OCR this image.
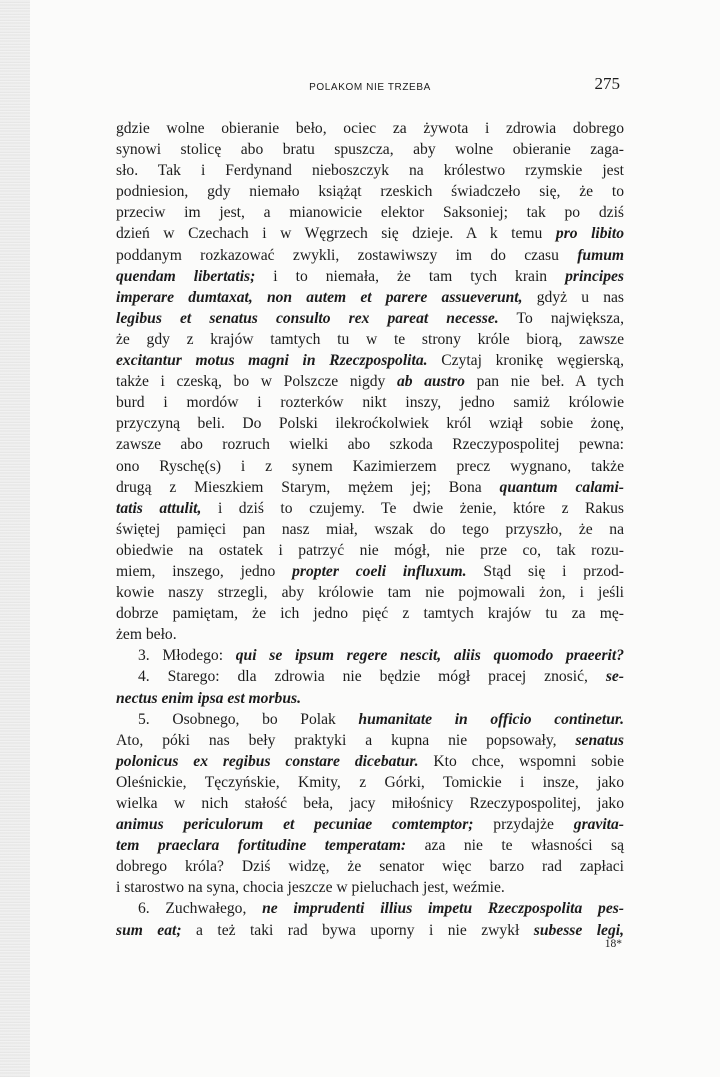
POLAKOM NIE TRZEBA	275
gdzie wolne obieranie beło, ociec za żywota i zdrowia dobrego
synowi stolicę abo bratu spuszcza, aby wolne obieranie zaga-
sło. Tak i Ferdynand nieboszczyk na królestwo rzymskie jest
podniesion, gdy niemało książąt rzeskich świadczeło się, że to
przeciw im jest, a mianowicie elektor Saksoniej; tak po dziś
dzień w Czechach i w Węgrzech się dzieje. A k temu pro libito
poddanym rozkazować zwykli, zostawiwszy im do czasu fumum
quendam libertatis; i to niemała, że tam tych krain principes
imperare dumtaxat, non autem et parere assueverunt, gdyż u nas
legibus et senatus consulto rex pareat necesse. To największa,
że gdy z krajów tamtych tu w te strony króle biorą, zawsze
excitantur motus magni in Rzeczpospolita. Czytaj kronikę węgierską,
także i czeską, bo w Polszcze nigdy ab austro pan nie beł. A tych
burd i mordów i rozterków nikt inszy, jedno samiż królowie
przyczyną beli. Do Polski ilekroćkolwiek król wziął sobie żonę,
zawsze abo rozruch wielki abo szkoda Rzeczypospolitej pewna:
ono Ryschę(s) i z synem Kazimierzem precz wygnano, także
drugą z Mieszkiem Starym, mężem jej; Bona quantum calami-
tatis attulit, i dziś to czujemy. Te dwie żenie, które z Rakus
świętej pamięci pan nasz miał, wszak do tego przyszło, że na
obiedwie na ostatek i patrzyć nie mógł, nie prze co, tak rozu-
miem, inszego, jedno propter coeli influxum. Stąd się i przod-
kowie naszy strzegli, aby królowie tam nie pojmowali żon, i jeśli
dobrze pamiętam, że ich jedno pięć z tamtych krajów tu za mę-
żem beło.
3. Młodego: qui se ipsum regere nescit, aliis quomodo praeerit?
4. Starego: dla zdrowia nie będzie mógł pracej znosić, se-
nectus enim ipsa est morbus.
5. Osobnego, bo Polak humanitate in officio continetur.
Ato, póki nas beły praktyki a kupna nie popsowały, senatus
polonicus ex regibus constare dicebatur. Kto chce, wspomni sobie
Oleśnickie, Tęczyńskie, Kmity, z Górki, Tomickie i insze, jako
wielka w nich stałość beła, jacy miłośnicy Rzeczypospolitej, jako
animus periculorum et pecuniae comtemptor; przydajże gravita-
tem praeclara fortitudine temperatam: aza nie te własności są
dobrego króla? Dziś widzę, że senator więc barzo rad zapłaci
i starostwo na syna, chocia jeszcze w pieluchach jest, weźmie.
6. Zuchwałego, ne imprudenti illius impetu Rzeczpospolita pes-
sum eat; a też taki rad bywa uporny i nie zwykł subesse legi,
18*
